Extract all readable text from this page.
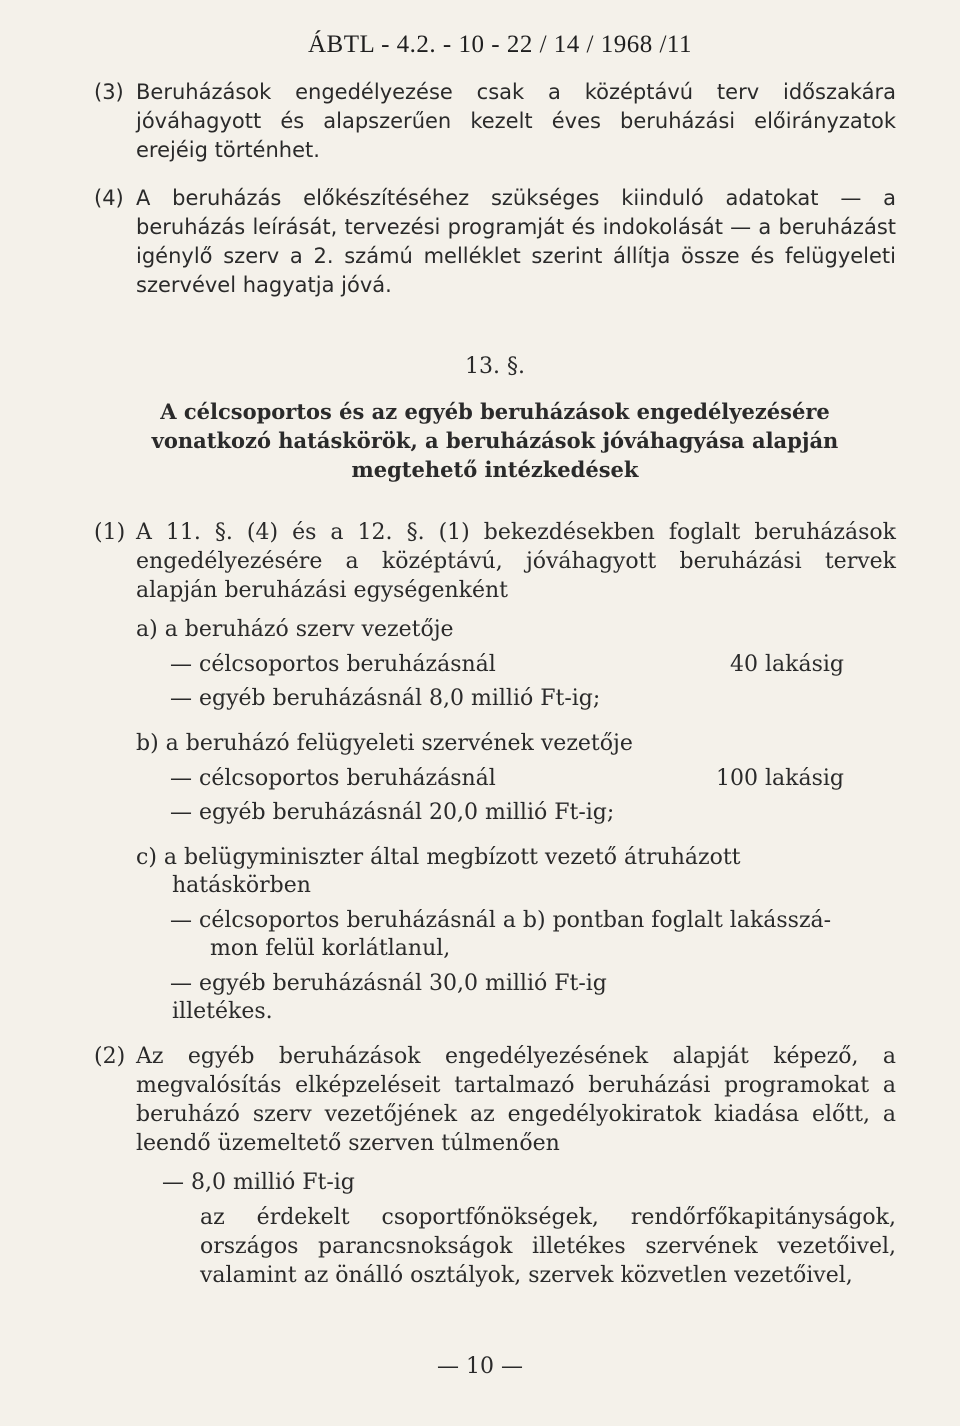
ÁBTL - 4.2. - 10 - 22 / 14 / 1968 /11
(3) Beruházások engedélyezése csak a középtávú terv időszakára jóváhagyott és alapszerűen kezelt éves beruházási előirányzatok erejéig történhet.
(4) A beruházás előkészítéséhez szükséges kiinduló adatokat — a beruházás leírását, tervezési programját és indokolását — a beruházást igénylő szerv a 2. számú melléklet szerint állítja össze és felügyeleti szervével hagyatja jóvá.
13. §.
A célcsoportos és az egyéb beruházások engedélyezésére
vonatkozó hatáskörök, a beruházások jóváhagyása alapján
megtehető intézkedések
(1) A 11. §. (4) és a 12. §. (1) bekezdésekben foglalt beruházások engedélyezésére a középtávú, jóváhagyott beruházási tervek alapján beruházási egységenként
a) a beruházó szerv vezetője
— célcsoportos beruházásnál	40 lakásig
— egyéb beruházásnál 8,0 millió Ft-ig;
b) a beruházó felügyeleti szervének vezetője
— célcsoportos beruházásnál	100 lakásig
— egyéb beruházásnál 20,0 millió Ft-ig;
c) a belügyminiszter által megbízott vezető átruházott
hatáskörben
— célcsoportos beruházásnál a b) pontban foglalt lakásszá-
mon felül korlátlanul,
— egyéb beruházásnál 30,0 millió Ft-ig
illetékes.
(2) Az egyéb beruházások engedélyezésének alapját képező, a megvalósítás elképzeléseit tartalmazó beruházási programokat a beruházó szerv vezetőjének az engedélyokiratok kiadása előtt, a leendő üzemeltető szerven túlmenően
— 8,0 millió Ft-ig
az érdekelt csoportfőnökségek, rendőrfőkapitányságok, országos parancsnokságok illetékes szervének vezetőivel, valamint az önálló osztályok, szervek közvetlen vezetőivel,
— 10 —
